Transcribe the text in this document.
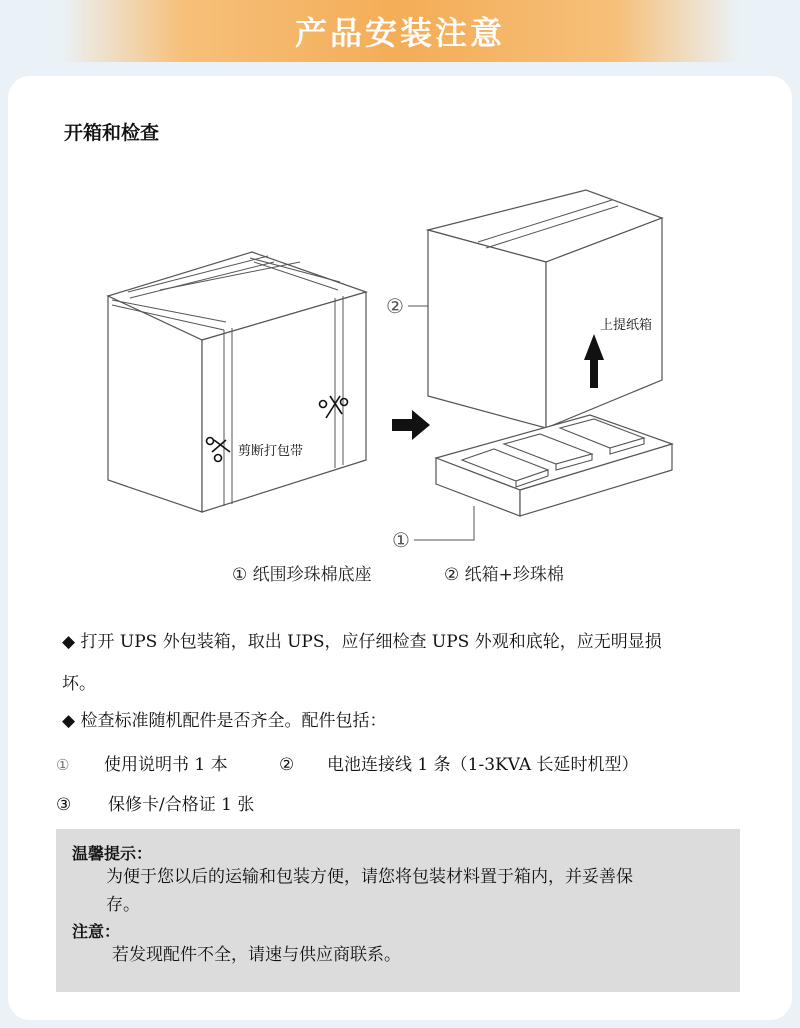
产品安装注意
开箱和检查
剪断打包带
上提纸箱
②
①
① 纸围珍珠棉底座	② 纸箱+珍珠棉
◆ 打开 UPS 外包装箱，取出 UPS，应仔细检查 UPS 外观和底轮，应无明显损
坏。
◆ 检查标准随机配件是否齐全。配件包括：
① 使用说明书 1 本	② 电池连接线 1 条（1-3KVA 长延时机型）
③ 保修卡/合格证 1 张
温馨提示：
为便于您以后的运输和包装方便，请您将包装材料置于箱内，并妥善保
存。
注意：
若发现配件不全，请速与供应商联系。
